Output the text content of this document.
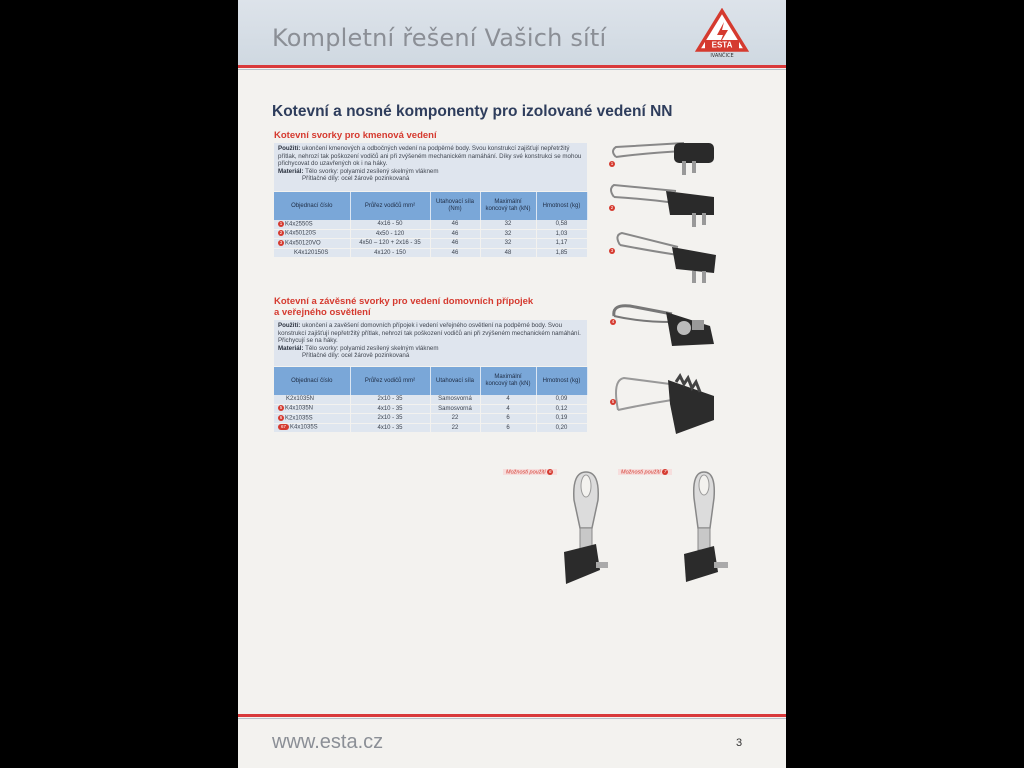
Kompletní řešení Vašich sítí	ESTA
IVANČICE
Kotevní a nosné komponenty pro izolované vedení NN
Kotevní svorky pro kmenová vedení
Použití: ukončení kmenových a odbočných vedení na podpěrné body. Svou konstrukcí zajišťují nepřetržitý přítlak, nehrozí tak poškození vodičů ani při zvýšeném mechanickém namáhání. Díky své konstrukci se mohou přichycovat do uzavřených ok i na háky.
Materiál: Tělo svorky: polyamid zesílený skelným vláknem
Přítlačné díly: ocel žárově pozinkovaná
Objednací číslo	Průřez vodičů mm²	Utahovací síla (Nm)	Maximální koncový tah (kN)	Hmotnost (kg)
1 K4x2550S	4x16 - 50	46	32	0,58
2 K4x50120S	4x50 - 120	46	32	1,03
3 K4x50120VO	4x50 – 120 + 2x16 - 35	46	32	1,17
K4x120150S	4x120 - 150	46	48	1,85
1
2
3
Kotevní a závěsné svorky pro vedení domovních přípojek
a veřejného osvětlení
Použití: ukončení a zavěšení domovních přípojek i vedení veřejného osvětlení na podpěrné body. Svou konstrukcí zajišťují nepřetržitý přítlak, nehrozí tak poškození vodičů ani při zvýšeném mechanickém namáhání. Přichycují se na háky.
Materiál: Tělo svorky: polyamid zesílený skelným vláknem
Přítlačné díly: ocel žárově pozinkovaná
Objednací číslo	Průřez vodičů mm²	Utahovací síla	Maximální koncový tah (kN)	Hmotnost (kg)
K2x1035N	2x10 - 35	Samosvorná	4	0,09
5 K4x1035N	4x10 - 35	Samosvorná	4	0,12
6 K2x1035S	2x10 - 35	22	6	0,19
67 K4x1035S	4x10 - 35	22	6	0,20
4
5
Možnosti použití 6	Možnosti použití 7
www.esta.cz	3
